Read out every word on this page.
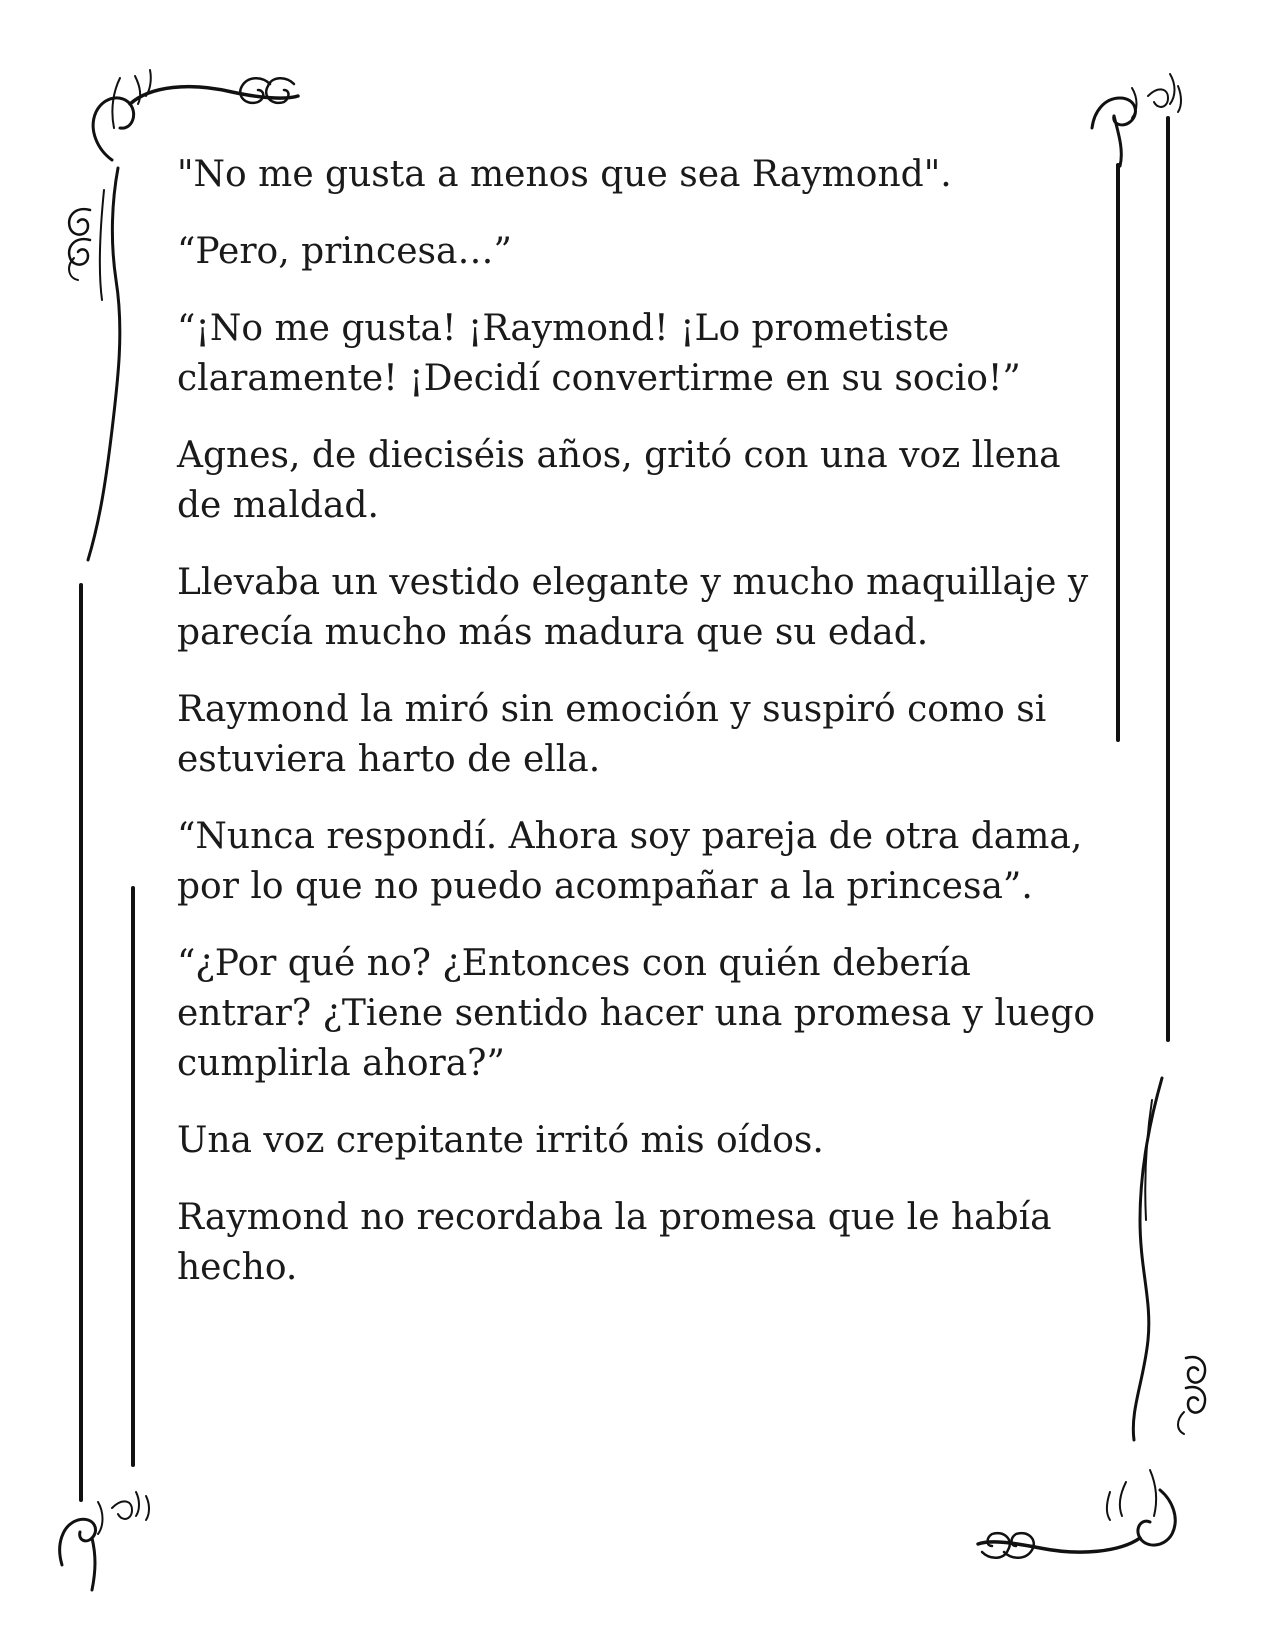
"No me gusta a menos que sea Raymond".

“Pero, princesa…”

“¡No me gusta! ¡Raymond! ¡Lo prometiste claramente! ¡Decidí convertirme en su socio!”

Agnes, de dieciséis años, gritó con una voz llena de maldad.

Llevaba un vestido elegante y mucho maquillaje y parecía mucho más madura que su edad.

Raymond la miró sin emoción y suspiró como si estuviera harto de ella.

“Nunca respondí. Ahora soy pareja de otra dama, por lo que no puedo acompañar a la princesa”.

“¿Por qué no? ¿Entonces con quién debería entrar? ¿Tiene sentido hacer una promesa y luego cumplirla ahora?”

Una voz crepitante irritó mis oídos.

Raymond no recordaba la promesa que le había hecho.
